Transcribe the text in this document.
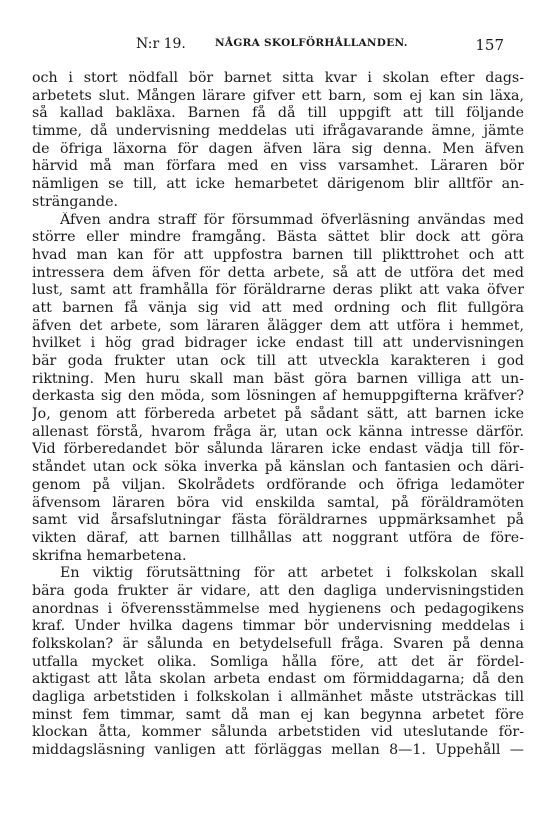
N:r 19.	NÅGRA SKOLFÖRHÅLLANDEN.	157
och i stort nödfall bör barnet sitta kvar i skolan efter dags-
arbetets slut. Mången lärare gifver ett barn, som ej kan sin läxa,
så kallad bakläxa. Barnen få då till uppgift att till följande
timme, då undervisning meddelas uti ifrågavarande ämne, jämte
de öfriga läxorna för dagen äfven lära sig denna. Men äfven
härvid må man förfara med en viss varsamhet. Läraren bör
nämligen se till, att icke hemarbetet därigenom blir alltför an-
strängande.
Äfven andra straff för försummad öfverläsning användas med
större eller mindre framgång. Bästa sättet blir dock att göra
hvad man kan för att uppfostra barnen till plikttrohet och att
intressera dem äfven för detta arbete, så att de utföra det med
lust, samt att framhålla för föräldrarne deras plikt att vaka öfver
att barnen få vänja sig vid att med ordning och flit fullgöra
äfven det arbete, som läraren ålägger dem att utföra i hemmet,
hvilket i hög grad bidrager icke endast till att undervisningen
bär goda frukter utan ock till att utveckla karakteren i god
riktning. Men huru skall man bäst göra barnen villiga att un-
derkasta sig den möda, som lösningen af hemuppgifterna kräfver?
Jo, genom att förbereda arbetet på sådant sätt, att barnen icke
allenast förstå, hvarom fråga är, utan ock känna intresse därför.
Vid förberedandet bör sålunda läraren icke endast vädja till för-
ståndet utan ock söka inverka på känslan och fantasien och däri-
genom på viljan. Skolrådets ordförande och öfriga ledamöter
äfvensom läraren böra vid enskilda samtal, på föräldramöten
samt vid årsafslutningar fästa föräldrarnes uppmärksamhet på
vikten däraf, att barnen tillhållas att noggrant utföra de före-
skrifna hemarbetena.
En viktig förutsättning för att arbetet i folkskolan skall
bära goda frukter är vidare, att den dagliga undervisningstiden
anordnas i öfverensstämmelse med hygienens och pedagogikens
kraf. Under hvilka dagens timmar bör undervisning meddelas i
folkskolan? är sålunda en betydelsefull fråga. Svaren på denna
utfalla mycket olika. Somliga hålla före, att det är fördel-
aktigast att låta skolan arbeta endast om förmiddagarna; då den
dagliga arbetstiden i folkskolan i allmänhet måste utsträckas till
minst fem timmar, samt då man ej kan begynna arbetet före
klockan åtta, kommer sålunda arbetstiden vid uteslutande för-
middagsläsning vanligen att förläggas mellan 8—1. Uppehåll —
